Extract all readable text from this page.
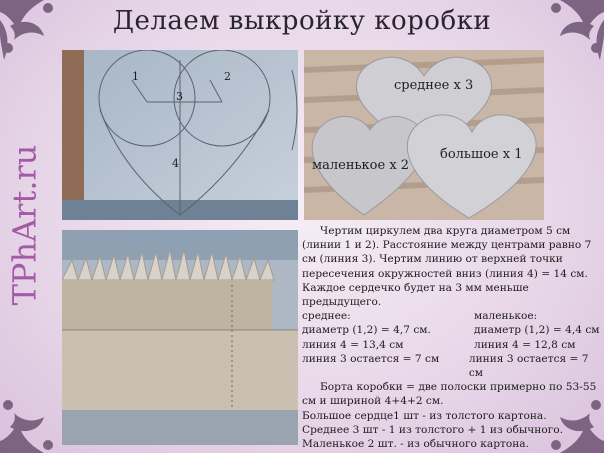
Делаем выкройку коробки
TPhArt.ru
1	2
3
4
среднее х 3
маленькое х 2
большое х 1

Чертим циркулем два круга диаметром 5 см (линии 1 и 2). Расстояние между центрами равно 7 см (линия 3). Чертим линию от верхней точки пересечения окружностей вниз (линия 4) = 14 см. Каждое сердечко будет на 3 мм меньше предыдущего.

среднее:	маленькое:
диаметр (1,2) = 4,7 см.	диаметр (1,2) = 4,4 см
линия 4 = 13,4 см	линия 4 = 12,8 см
линия 3 остается = 7 см	линия 3 остается = 7 см

Борта коробки = две полоски примерно по 53-55 см и шириной 4+4+2 см.

Большое сердце1 шт - из толстого картона.

Среднее 3 шт - 1 из толстого + 1 из обычного.

Маленькое 2 шт. - из обычного картона.
